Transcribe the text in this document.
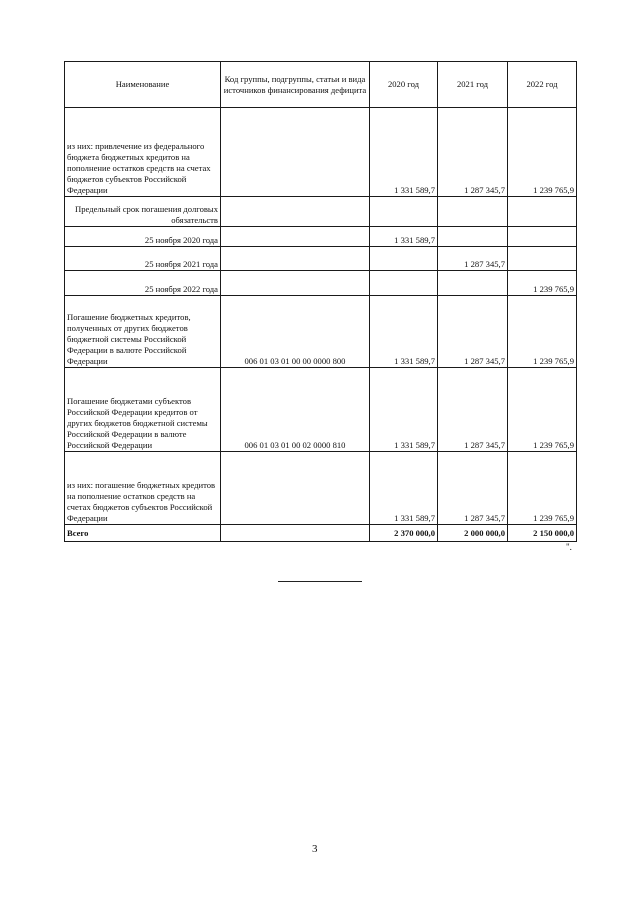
Наименование	Код группы, подгруппы, статьи и вида источников финансирования дефицита	2020 год	2021 год	2022 год
из них: привлечение из федерального бюджета бюджетных кредитов на пополнение остатков средств на счетах бюджетов субъектов Российской Федерации		1 331 589,7	1 287 345,7	1 239 765,9
Предельный срок погашения долговых обязательств				
25 ноября 2020 года		1 331 589,7		
25 ноября 2021 года			1 287 345,7	
25 ноября 2022 года				1 239 765,9
Погашение бюджетных кредитов, полученных от других бюджетов бюджетной системы Российской Федерации в валюте Российской Федерации	006 01 03 01 00 00 0000 800	1 331 589,7	1 287 345,7	1 239 765,9
Погашение бюджетами субъектов Российской Федерации кредитов от других бюджетов бюджетной системы Российской Федерации в валюте Российской Федерации	006 01 03 01 00 02 0000 810	1 331 589,7	1 287 345,7	1 239 765,9
из них: погашение бюджетных кредитов на пополнение остатков средств на счетах бюджетов субъектов Российской Федерации		1 331 589,7	1 287 345,7	1 239 765,9
Всего		2 370 000,0	2 000 000,0	2 150 000,0
".
3
